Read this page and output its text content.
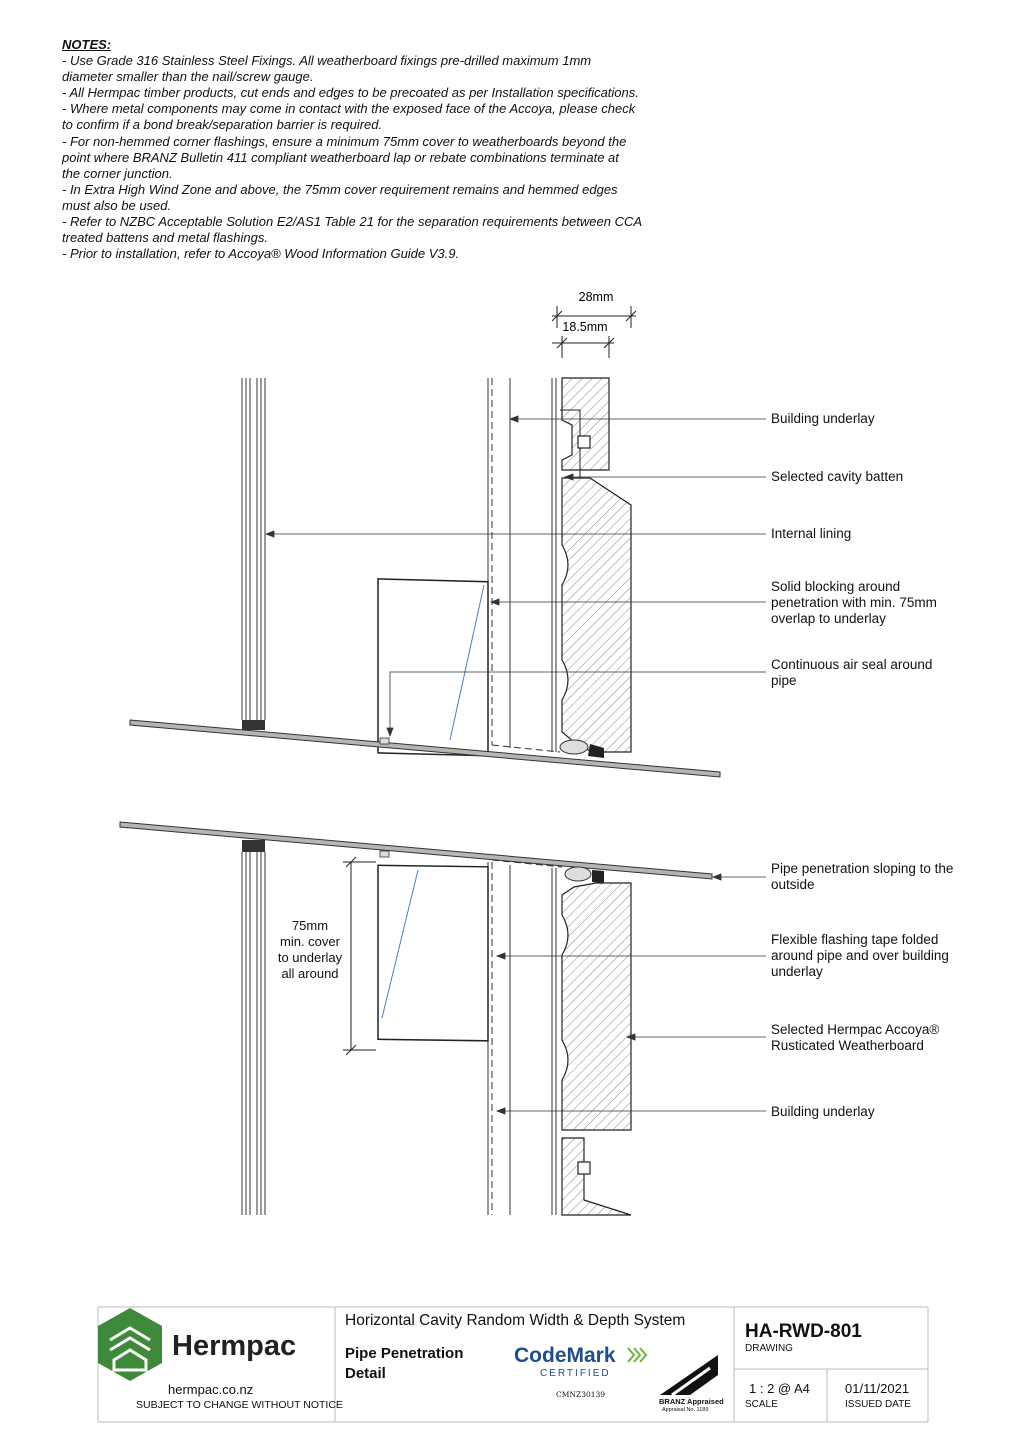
NOTES:
- Use Grade 316 Stainless Steel Fixings. All weatherboard fixings pre-drilled maximum 1mm
diameter smaller than the nail/screw gauge.
- All Hermpac timber products, cut ends and edges to be precoated as per Installation specifications.
- Where metal components may come in contact with the exposed face of the Accoya, please check
to confirm if a bond break/separation barrier is required.
- For non-hemmed corner flashings, ensure a minimum 75mm cover to weatherboards beyond the
point where BRANZ Bulletin 411 compliant weatherboard lap or rebate combinations terminate at
the corner junction.
- In Extra High Wind Zone and above, the 75mm cover requirement remains and hemmed edges
must also be used.
- Refer to NZBC Acceptable Solution E2/AS1 Table 21 for the separation requirements between CCA
treated battens and metal flashings.
- Prior to installation, refer to Accoya® Wood Information Guide V3.9.
28mm
18.5mm
Building underlay
Selected cavity batten
Internal lining
Solid blocking around penetration with min. 75mm overlap to underlay
Continuous air seal around pipe
Pipe penetration sloping to the outside
Flexible flashing tape folded around pipe and over building underlay
Selected Hermpac Accoya® Rusticated Weatherboard
Building underlay
75mm
min. cover
to underlay
all around
Hermpac
hermpac.co.nz
SUBJECT TO CHANGE WITHOUT NOTICE
Horizontal Cavity Random Width & Depth System
Pipe Penetration
Detail
CodeMark
CERTIFIED
CMNZ30139
BRANZ Appraised
Appraisal No. 1189
HA-RWD-801
DRAWING
1 : 2 @ A4
SCALE
01/11/2021
ISSUED DATE
